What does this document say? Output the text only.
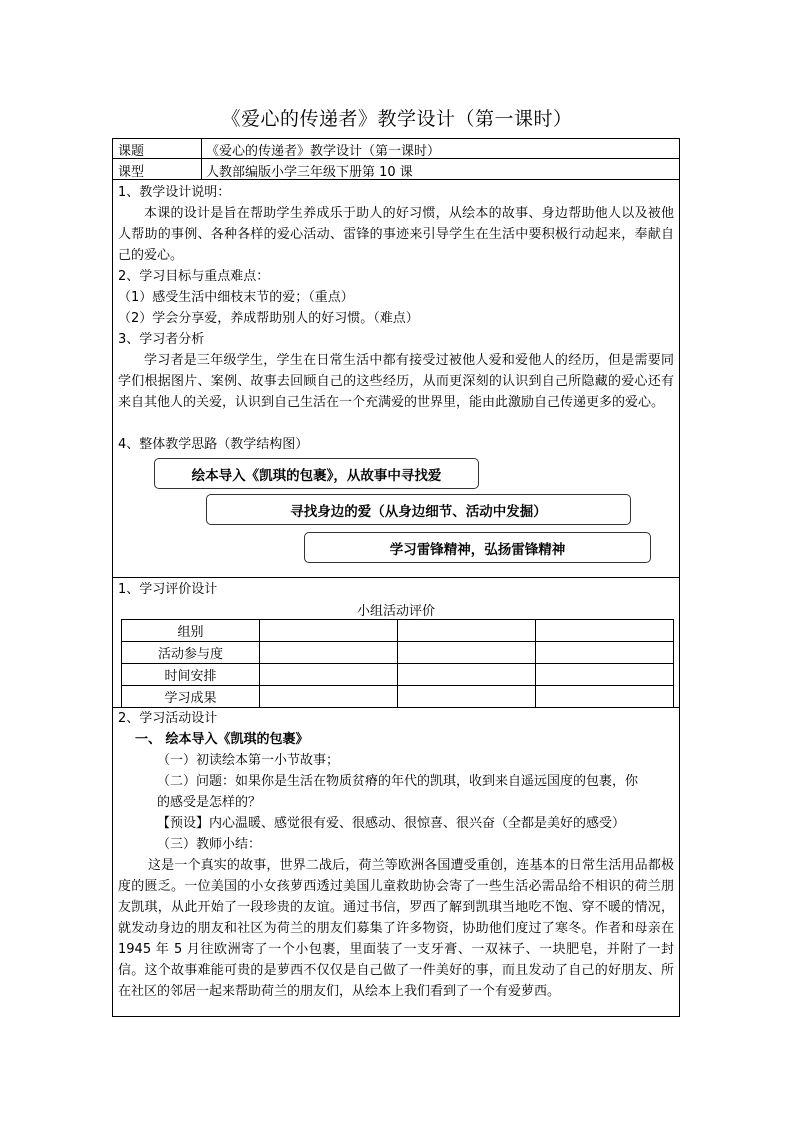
《爱心的传递者》教学设计（第一课时）
课题	《爱心的传递者》教学设计（第一课时）
课型	人教部编版小学三年级下册第 10 课
1、教学设计说明：
本课的设计是旨在帮助学生养成乐于助人的好习惯，从绘本的故事、身边帮助他人以及被他人帮助的事例、各种各样的爱心活动、雷锋的事迹来引导学生在生活中要积极行动起来，奉献自己的爱心。
2、学习目标与重点难点：
（1）感受生活中细枝末节的爱；（重点）
（2）学会分享爱，养成帮助别人的好习惯。（难点）
3、学习者分析
学习者是三年级学生，学生在日常生活中都有接受过被他人爱和爱他人的经历，但是需要同学们根据图片、案例、故事去回顾自己的这些经历，从而更深刻的认识到自己所隐藏的爱心还有来自其他人的关爱，认识到自己生活在一个充满爱的世界里，能由此激励自己传递更多的爱心。
4、整体教学思路（教学结构图）
绘本导入《凯琪的包裹》，从故事中寻找爱
寻找身边的爱（从身边细节、活动中发掘）
学习雷锋精神，弘扬雷锋精神
1、学习评价设计
小组活动评价
组别			
活动参与度			
时间安排			
学习成果			
2、学习活动设计
一、 绘本导入《凯琪的包裹》
（一）初读绘本第一小节故事；
（二）问题：如果你是生活在物质贫瘠的年代的凯琪，收到来自遥远国度的包裹，你
的感受是怎样的？
【预设】内心温暖、感觉很有爱、很感动、很惊喜、很兴奋（全都是美好的感受）
（三）教师小结：
这是一个真实的故事，世界二战后，荷兰等欧洲各国遭受重创，连基本的日常生活用品都极度的匮乏。一位美国的小女孩萝西透过美国儿童救助协会寄了一些生活必需品给不相识的荷兰朋友凯琪，从此开始了一段珍贵的友谊。通过书信，罗西了解到凯琪当地吃不饱、穿不暖的情况，就发动身边的朋友和社区为荷兰的朋友们募集了许多物资，协助他们度过了寒冬。作者和母亲在 1945 年 5 月往欧洲寄了一个小包裹，里面装了一支牙膏、一双袜子、一块肥皂，并附了一封信。这个故事难能可贵的是萝西不仅仅是自己做了一件美好的事，而且发动了自己的好朋友、所在社区的邻居一起来帮助荷兰的朋友们，从绘本上我们看到了一个有爱萝西。
